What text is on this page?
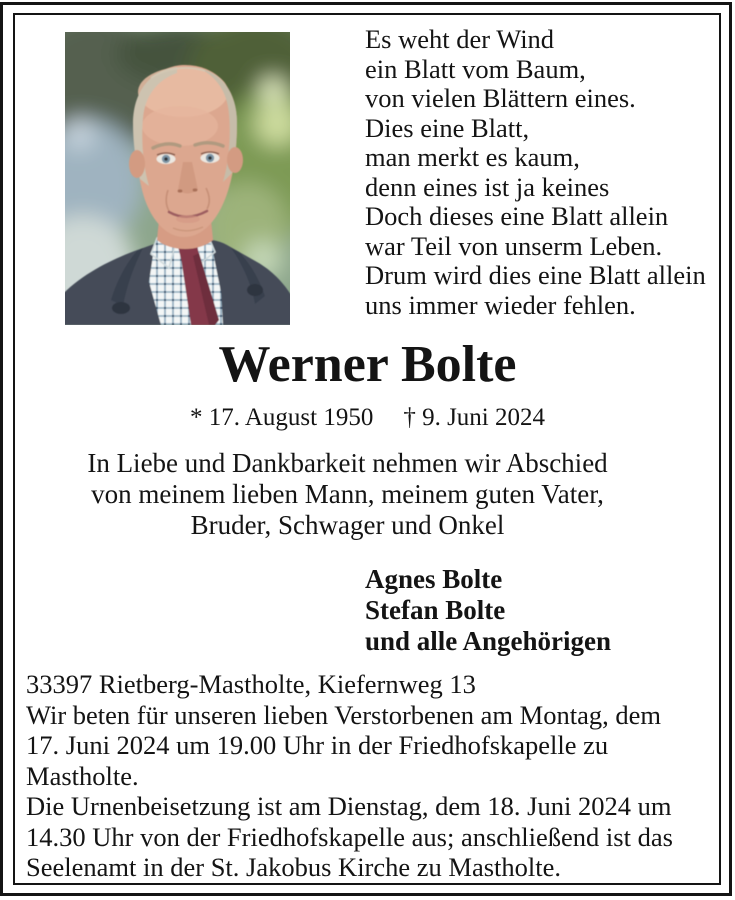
Es weht der Wind
ein Blatt vom Baum,
von vielen Blättern eines.
Dies eine Blatt,
man merkt es kaum,
denn eines ist ja keines
Doch dieses eine Blatt allein
war Teil von unserm Leben.
Drum wird dies eine Blatt allein
uns immer wieder fehlen.
Werner Bolte
* 17. August 1950 † 9. Juni 2024
In Liebe und Dankbarkeit nehmen wir Abschied
von meinem lieben Mann, meinem guten Vater,
Bruder, Schwager und Onkel
Agnes Bolte
Stefan Bolte
und alle Angehörigen
33397 Rietberg-Mastholte, Kiefernweg 13
Wir beten für unseren lieben Verstorbenen am Montag, dem
17. Juni 2024 um 19.00 Uhr in der Friedhofskapelle zu
Mastholte.
Die Urnenbeisetzung ist am Dienstag, dem 18. Juni 2024 um
14.30 Uhr von der Friedhofskapelle aus; anschließend ist das
Seelenamt in der St. Jakobus Kirche zu Mastholte.
